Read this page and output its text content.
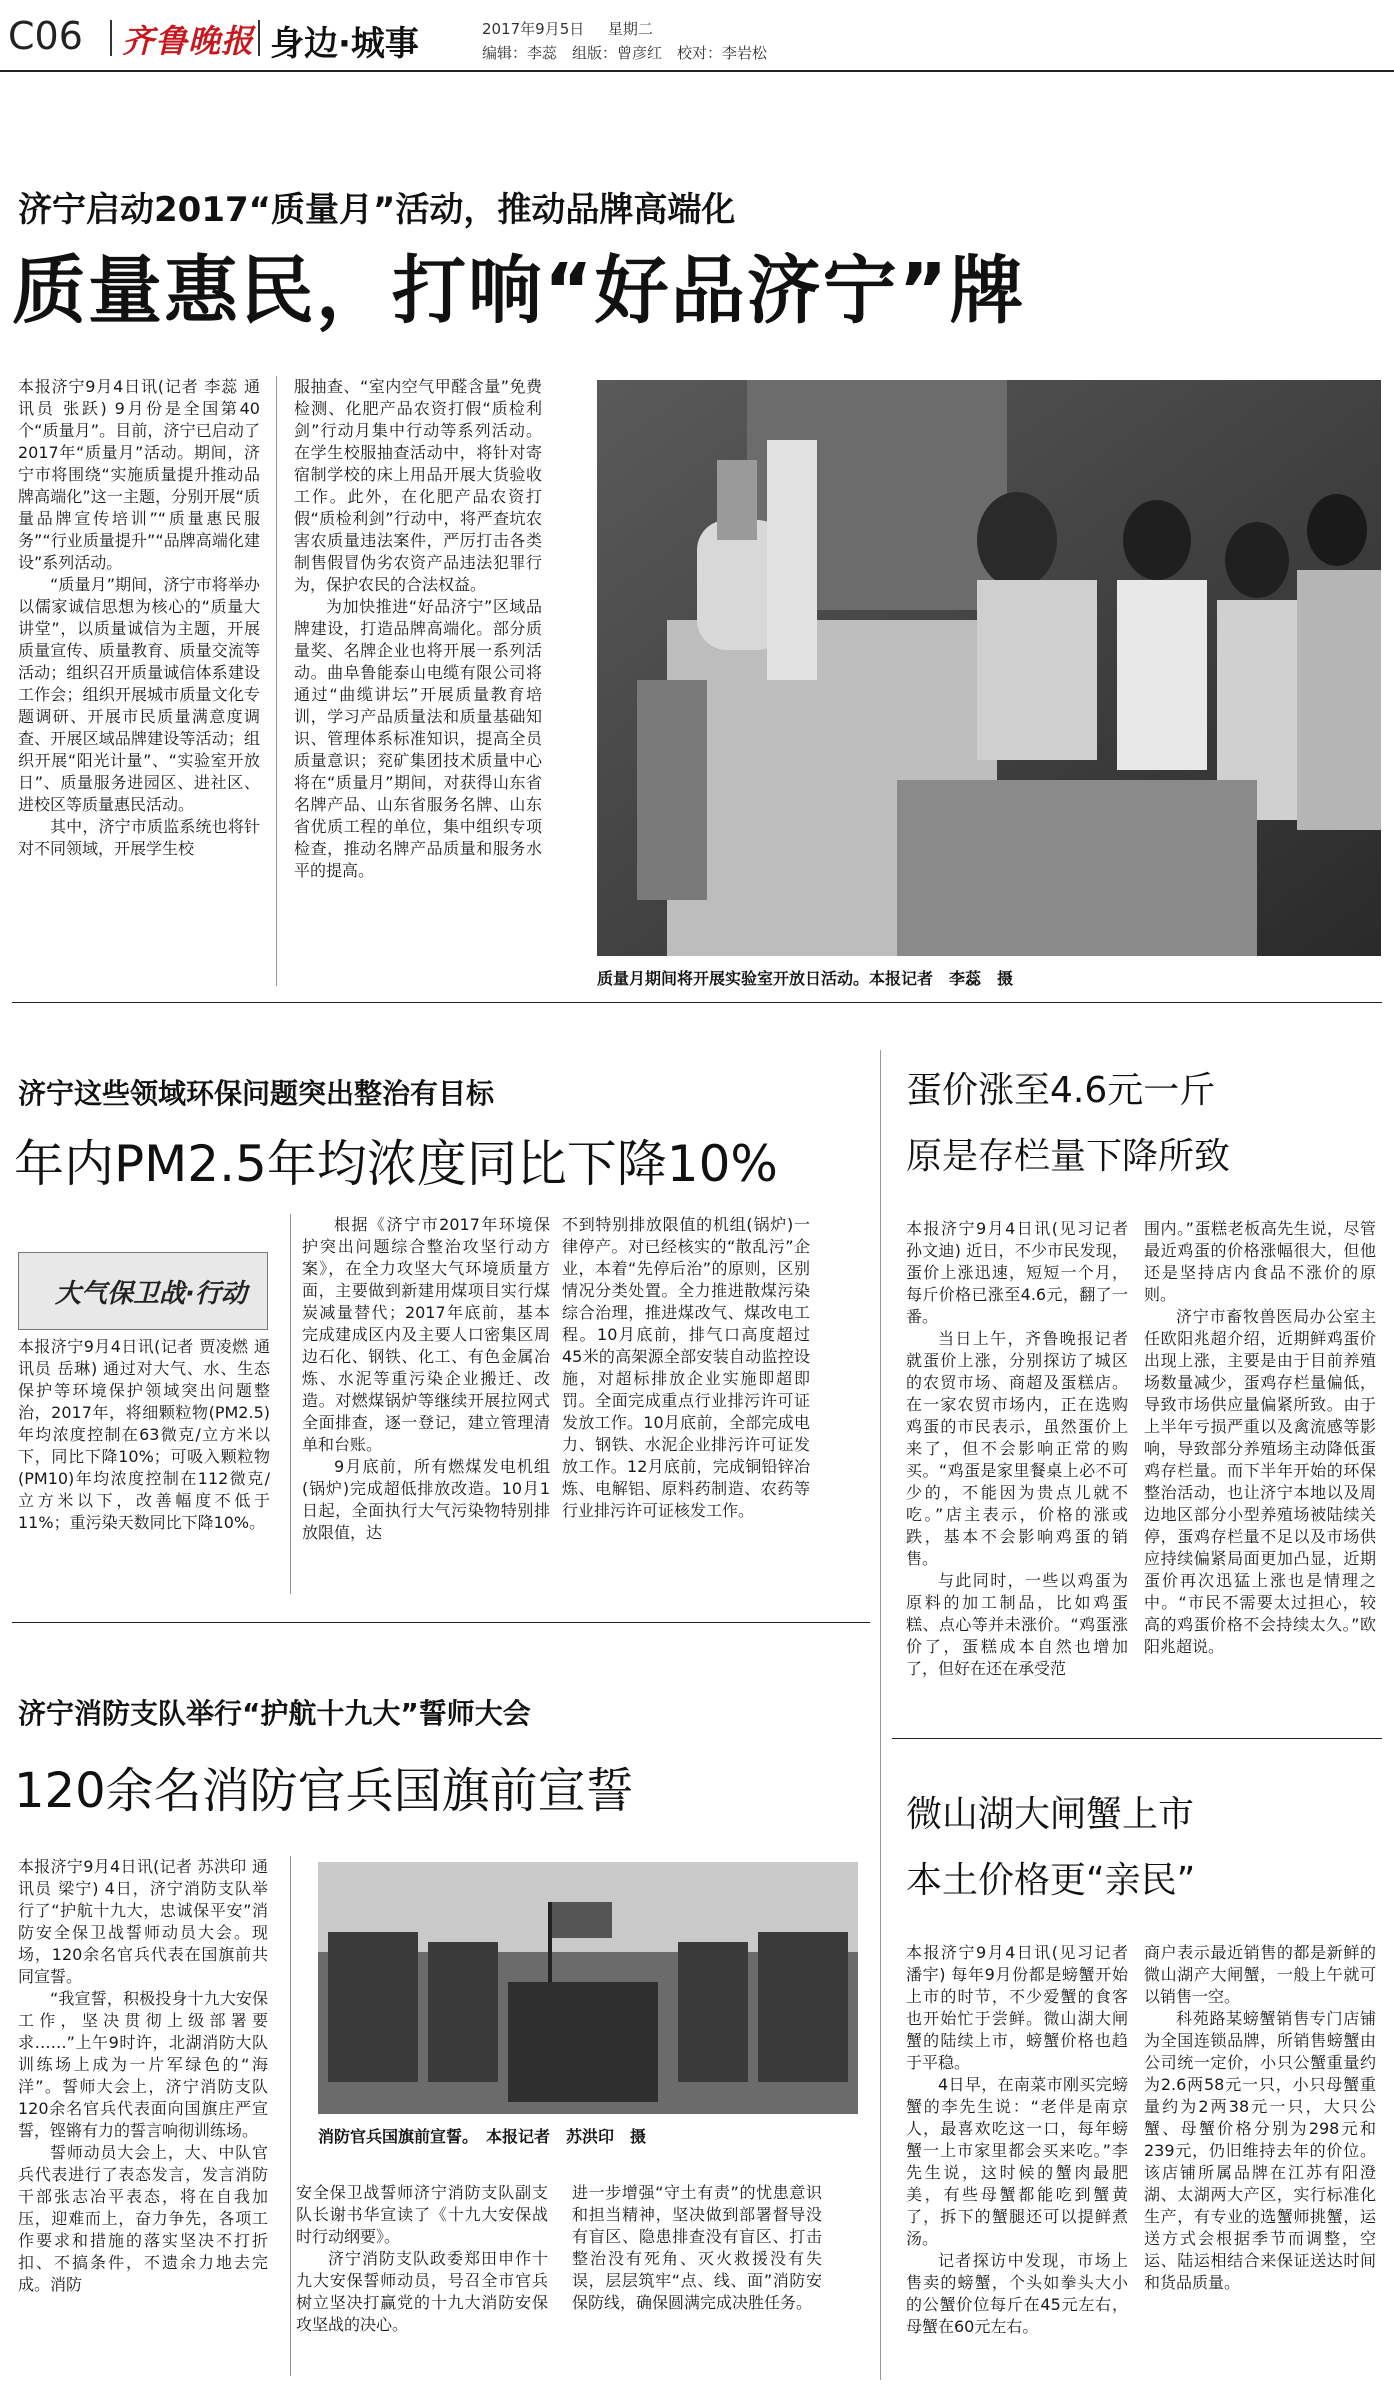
C06 齐鲁晚报 身边·城事	2017年9月5日 星期二
编辑：李蕊　组版：曾彦红　校对：李岩松
济宁启动2017“质量月”活动，推动品牌高端化
质量惠民，打响“好品济宁”牌

本报济宁9月4日讯(记者 李蕊 通讯员 张跃) 9月份是全国第40个“质量月”。目前，济宁已启动了2017年“质量月”活动。期间，济宁市将围绕“实施质量提升推动品牌高端化”这一主题，分别开展“质量品牌宣传培训”“质量惠民服务”“行业质量提升”“品牌高端化建设”系列活动。

“质量月”期间，济宁市将举办以儒家诚信思想为核心的“质量大讲堂”，以质量诚信为主题，开展质量宣传、质量教育、质量交流等活动；组织召开质量诚信体系建设工作会；组织开展城市质量文化专题调研、开展市民质量满意度调查、开展区域品牌建设等活动；组织开展“阳光计量”、“实验室开放日”、质量服务进园区、进社区、进校区等质量惠民活动。

其中，济宁市质监系统也将针对不同领域，开展学生校

服抽查、“室内空气甲醛含量”免费检测、化肥产品农资打假“质检利剑”行动月集中行动等系列活动。在学生校服抽查活动中，将针对寄宿制学校的床上用品开展大货验收工作。此外，在化肥产品农资打假“质检利剑”行动中，将严查坑农害农质量违法案件，严厉打击各类制售假冒伪劣农资产品违法犯罪行为，保护农民的合法权益。

为加快推进“好品济宁”区域品牌建设，打造品牌高端化。部分质量奖、名牌企业也将开展一系列活动。曲阜鲁能泰山电缆有限公司将通过“曲缆讲坛”开展质量教育培训，学习产品质量法和质量基础知识、管理体系标准知识，提高全员质量意识；兖矿集团技术质量中心将在“质量月”期间，对获得山东省名牌产品、山东省服务名牌、山东省优质工程的单位，集中组织专项检查，推动名牌产品质量和服务水平的提高。

质量月期间将开展实验室开放日活动。本报记者　李蕊　摄
济宁这些领域环保问题突出整治有目标
年内PM2.5年均浓度同比下降10%
大气保卫战·行动

本报济宁9月4日讯(记者 贾凌燃 通讯员 岳琳) 通过对大气、水、生态保护等环境保护领域突出问题整治，2017年，将细颗粒物(PM2.5)年均浓度控制在63微克/立方米以下，同比下降10%；可吸入颗粒物(PM10)年均浓度控制在112微克/立方米以下，改善幅度不低于11%；重污染天数同比下降10%。

根据《济宁市2017年环境保护突出问题综合整治攻坚行动方案》，在全力攻坚大气环境质量方面，主要做到新建用煤项目实行煤炭减量替代；2017年底前，基本完成建成区内及主要人口密集区周边石化、钢铁、化工、有色金属冶炼、水泥等重污染企业搬迁、改造。对燃煤锅炉等继续开展拉网式全面排查，逐一登记，建立管理清单和台账。

9月底前，所有燃煤发电机组(锅炉)完成超低排放改造。10月1日起，全面执行大气污染物特别排放限值，达

不到特别排放限值的机组(锅炉)一律停产。对已经核实的“散乱污”企业，本着“先停后治”的原则，区别情况分类处置。全力推进散煤污染综合治理，推进煤改气、煤改电工程。10月底前，排气口高度超过45米的高架源全部安装自动监控设施，对超标排放企业实施即超即罚。全面完成重点行业排污许可证发放工作。10月底前，全部完成电力、钢铁、水泥企业排污许可证发放工作。12月底前，完成铜铅锌冶炼、电解铝、原料药制造、农药等行业排污许可证核发工作。

蛋价涨至4.6元一斤
原是存栏量下降所致

本报济宁9月4日讯(见习记者 孙文迪) 近日，不少市民发现，蛋价上涨迅速，短短一个月，每斤价格已涨至4.6元，翻了一番。

当日上午，齐鲁晚报记者就蛋价上涨，分别探访了城区的农贸市场、商超及蛋糕店。在一家农贸市场内，正在选购鸡蛋的市民表示，虽然蛋价上来了，但不会影响正常的购买。“鸡蛋是家里餐桌上必不可少的，不能因为贵点儿就不吃。”店主表示，价格的涨或跌，基本不会影响鸡蛋的销售。

与此同时，一些以鸡蛋为原料的加工制品，比如鸡蛋糕、点心等并未涨价。“鸡蛋涨价了，蛋糕成本自然也增加了，但好在还在承受范

围内。”蛋糕老板高先生说，尽管最近鸡蛋的价格涨幅很大，但他还是坚持店内食品不涨价的原则。

济宁市畜牧兽医局办公室主任欧阳兆超介绍，近期鲜鸡蛋价出现上涨，主要是由于目前养殖场数量减少，蛋鸡存栏量偏低，导致市场供应量偏紧所致。由于上半年亏损严重以及禽流感等影响，导致部分养殖场主动降低蛋鸡存栏量。而下半年开始的环保整治活动，也让济宁本地以及周边地区部分小型养殖场被陆续关停，蛋鸡存栏量不足以及市场供应持续偏紧局面更加凸显，近期蛋价再次迅猛上涨也是情理之中。“市民不需要太过担心，较高的鸡蛋价格不会持续太久。”欧阳兆超说。

济宁消防支队举行“护航十九大”誓师大会
120余名消防官兵国旗前宣誓

本报济宁9月4日讯(记者 苏洪印 通讯员 梁宁) 4日，济宁消防支队举行了“护航十九大，忠诚保平安”消防安全保卫战誓师动员大会。现场，120余名官兵代表在国旗前共同宣誓。

“我宣誓，积极投身十九大安保工作，坚决贯彻上级部署要求……”上午9时许，北湖消防大队训练场上成为一片军绿色的“海洋”。誓师大会上，济宁消防支队120余名官兵代表面向国旗庄严宣誓，铿锵有力的誓言响彻训练场。

誓师动员大会上，大、中队官兵代表进行了表态发言，发言消防干部张志冶平表态，将在自我加压，迎难而上，奋力争先，各项工作要求和措施的落实坚决不打折扣、不搞条件，不遗余力地去完成。消防

消防官兵国旗前宣誓。　本报记者　苏洪印　摄

安全保卫战誓师济宁消防支队副支队长谢书华宣读了《十九大安保战时行动纲要》。

济宁消防支队政委郑田申作十九大安保誓师动员，号召全市官兵树立坚决打赢党的十九大消防安保攻坚战的决心。

进一步增强“守土有责”的忧患意识和担当精神，坚决做到部署督导没有盲区、隐患排查没有盲区、打击整治没有死角、灭火救援没有失误，层层筑牢“点、线、面”消防安保防线，确保圆满完成决胜任务。

微山湖大闸蟹上市
本土价格更“亲民”

本报济宁9月4日讯(见习记者 潘宇) 每年9月份都是螃蟹开始上市的时节，不少爱蟹的食客也开始忙于尝鲜。微山湖大闸蟹的陆续上市，螃蟹价格也趋于平稳。

4日早，在南菜市刚买完螃蟹的李先生说：“老伴是南京人，最喜欢吃这一口，每年螃蟹一上市家里都会买来吃。”李先生说，这时候的蟹肉最肥美，有些母蟹都能吃到蟹黄了，拆下的蟹腿还可以提鲜煮汤。

记者探访中发现，市场上售卖的螃蟹，个头如拳头大小的公蟹价位每斤在45元左右，母蟹在60元左右。

商户表示最近销售的都是新鲜的微山湖产大闸蟹，一般上午就可以销售一空。

科苑路某螃蟹销售专门店铺为全国连锁品牌，所销售螃蟹由公司统一定价，小只公蟹重量约为2.6两58元一只，小只母蟹重量约为2两38元一只，大只公蟹、母蟹价格分别为298元和239元，仍旧维持去年的价位。该店铺所属品牌在江苏有阳澄湖、太湖两大产区，实行标准化生产，有专业的选蟹师挑蟹，运送方式会根据季节而调整，空运、陆运相结合来保证送达时间和货品质量。
